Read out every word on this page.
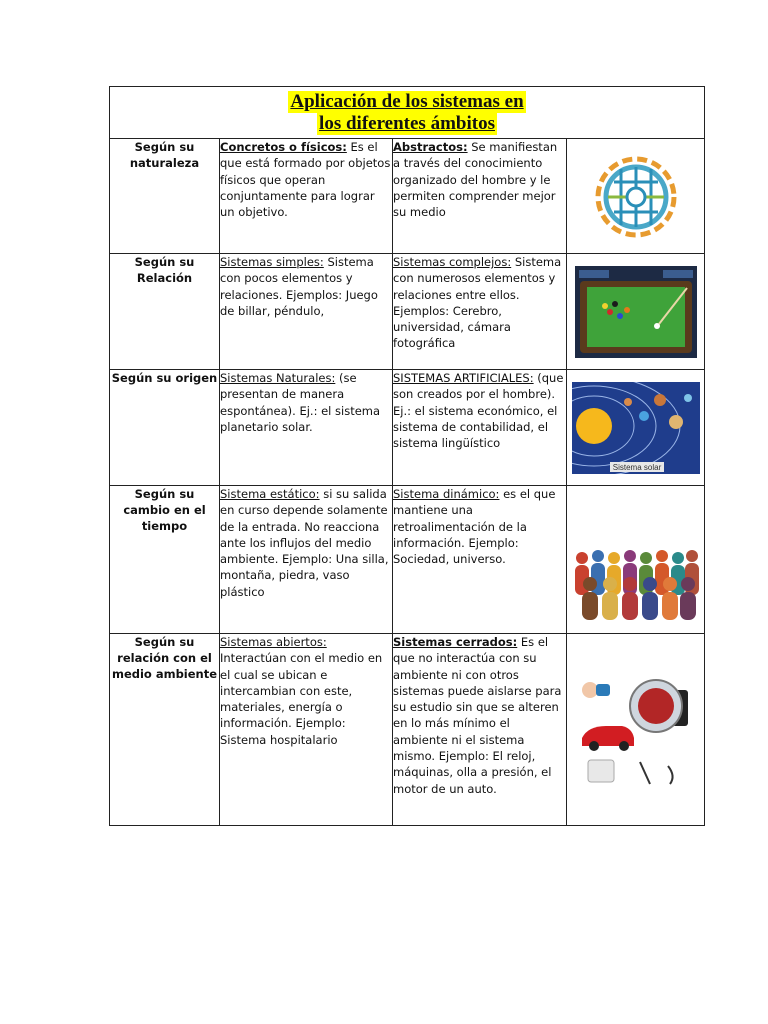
Aplicación de los sistemas en
los diferentes ámbitos			
Según su naturaleza	Concretos o físicos: Es el que está formado por objetos físicos que operan conjuntamente para lograr un objetivo.	Abstractos: Se manifiestan a través del conocimiento organizado del hombre y le permiten comprender mejor su medio	

Según su Relación	Sistemas simples: Sistema con pocos elementos y relaciones. Ejemplos: Juego de billar, péndulo,	Sistemas complejos: Sistema con numerosos elementos y relaciones entre ellos. Ejemplos: Cerebro, universidad, cámara fotográfica	

Según su origen	Sistemas Naturales: (se presentan de manera espontánea). Ej.: el sistema planetario solar.	SISTEMAS ARTIFICIALES: (que son creados por el hombre). Ej.: el sistema económico, el sistema de contabilidad, el sistema lingüístico	Sistema solar

Según su cambio en el tiempo	Sistema estático: si su salida en curso depende solamente de la entrada. No reacciona ante los influjos del medio ambiente. Ejemplo: Una silla, montaña, piedra, vaso plástico	Sistema dinámico: es el que mantiene una retroalimentación de la información. Ejemplo: Sociedad, universo.	

Según su relación con el medio ambiente	Sistemas abiertos: Interactúan con el medio en el cual se ubican e intercambian con este, materiales, energía o información. Ejemplo: Sistema hospitalario	Sistemas cerrados: Es el que no interactúa con su ambiente ni con otros sistemas puede aislarse para su estudio sin que se alteren en lo más mínimo el ambiente ni el sistema mismo. Ejemplo: El reloj, máquinas, olla a presión, el motor de un auto.	
